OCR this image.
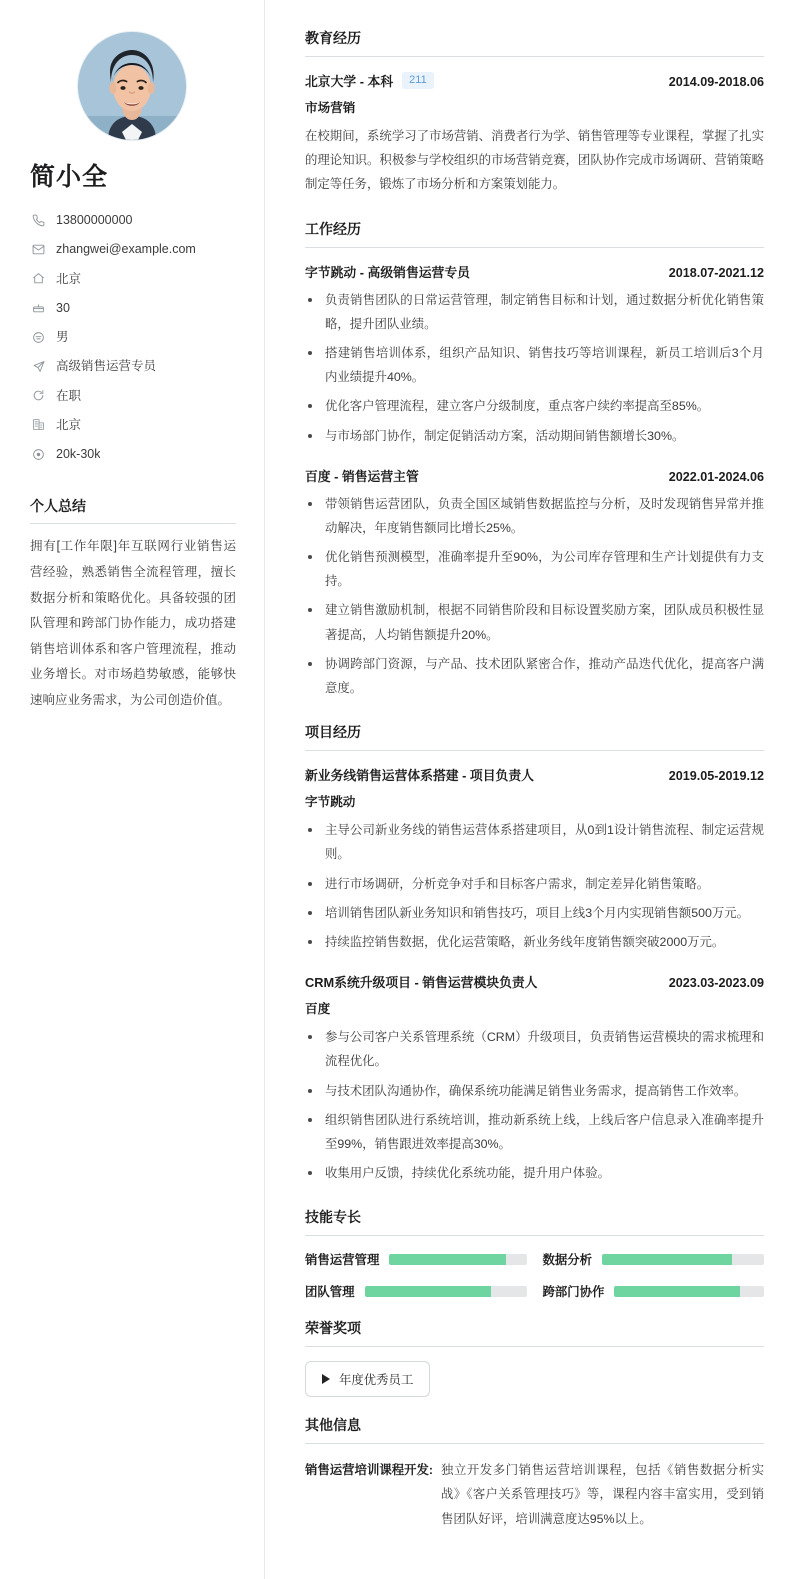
简小全
13800000000
zhangwei@example.com
北京
30
男
高级销售运营专员
在职
北京
20k-30k
个人总结

拥有[工作年限]年互联网行业销售运营经验，熟悉销售全流程管理，擅长数据分析和策略优化。具备较强的团队管理和跨部门协作能力，成功搭建销售培训体系和客户管理流程，推动业务增长。对市场趋势敏感，能够快速响应业务需求，为公司创造价值。

教育经历
北京大学 - 本科	211	2014.09-2018.06
市场营销

在校期间，系统学习了市场营销、消费者行为学、销售管理等专业课程，掌握了扎实的理论知识。积极参与学校组织的市场营销竞赛，团队协作完成市场调研、营销策略制定等任务，锻炼了市场分析和方案策划能力。

工作经历
字节跳动 - 高级销售运营专员	2018.07-2021.12
负责销售团队的日常运营管理，制定销售目标和计划，通过数据分析优化销售策略，提升团队业绩。
搭建销售培训体系，组织产品知识、销售技巧等培训课程，新员工培训后3个月内业绩提升40%。
优化客户管理流程，建立客户分级制度，重点客户续约率提高至85%。
与市场部门协作，制定促销活动方案，活动期间销售额增长30%。
百度 - 销售运营主管	2022.01-2024.06
带领销售运营团队，负责全国区域销售数据监控与分析，及时发现销售异常并推动解决，年度销售额同比增长25%。
优化销售预测模型，准确率提升至90%，为公司库存管理和生产计划提供有力支持。
建立销售激励机制，根据不同销售阶段和目标设置奖励方案，团队成员积极性显著提高，人均销售额提升20%。
协调跨部门资源，与产品、技术团队紧密合作，推动产品迭代优化，提高客户满意度。
项目经历
新业务线销售运营体系搭建 - 项目负责人	2019.05-2019.12
字节跳动
主导公司新业务线的销售运营体系搭建项目，从0到1设计销售流程、制定运营规则。
进行市场调研，分析竞争对手和目标客户需求，制定差异化销售策略。
培训销售团队新业务知识和销售技巧，项目上线3个月内实现销售额500万元。
持续监控销售数据，优化运营策略，新业务线年度销售额突破2000万元。
CRM系统升级项目 - 销售运营模块负责人	2023.03-2023.09
百度
参与公司客户关系管理系统（CRM）升级项目，负责销售运营模块的需求梳理和流程优化。
与技术团队沟通协作，确保系统功能满足销售业务需求，提高销售工作效率。
组织销售团队进行系统培训，推动新系统上线，上线后客户信息录入准确率提升至99%，销售跟进效率提高30%。
收集用户反馈，持续优化系统功能，提升用户体验。
技能专长
销售运营管理	数据分析
团队管理	跨部门协作
荣誉奖项
年度优秀员工
其他信息
销售运营培训课程开发: 独立开发多门销售运营培训课程，包括《销售数据分析实战》《客户关系管理技巧》等，课程内容丰富实用，受到销售团队好评，培训满意度达95%以上。
